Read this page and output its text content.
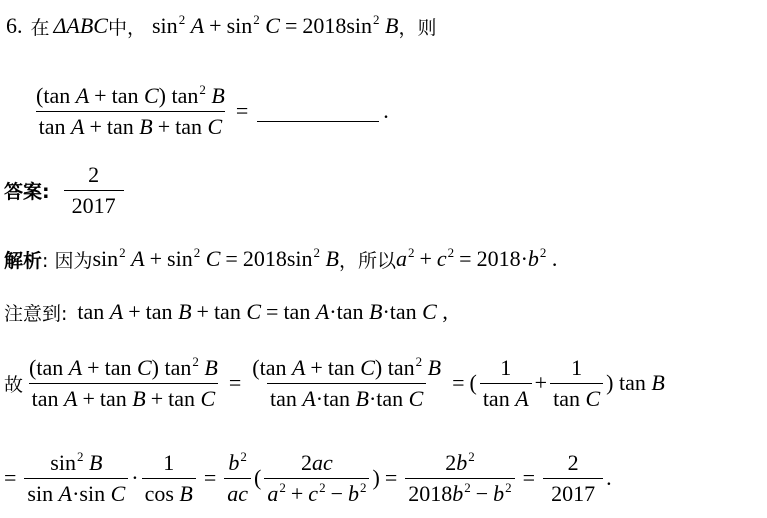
6. 在 ΔABC 中， $\sin^2 A + \sin^2 C = 2018\sin^2$ B ，则
$\frac{(\tan A + \tan C) \tan^2 B}{\text{tan A + tan B + tan C}}$ =	.
答案: $\frac{2}{2017}$
解析 : 因为 $\sin^2 A + \sin^2 C = 2018\sin^2$ B ，所以 $a^2 + c^2 = 2018\cdot b^2$ .
注意到: tan A + tan B + tan C = tan A·tan B·tan C ,
故 $\frac{(\tan A + \tan C) \tan^2 B}{\text{tan A + tan B + tan C}} = \frac{(\tan A + \tan C) \tan^2 B}{\text{tan A·tan B·tan C}}$ = ( $\frac{1}{\text{tan A}} + \frac{1}{\text{tan C}}$ ) tan B
= $\frac{\sin^2 B}{\text{sin A·sin C}} \cdot \frac{1}{\text{cos B}} = \frac{b^2}{ac}$ ( $\frac{2ac}{a^2 + c^2 - b^2}$ ) = $\frac{2b^2}{2018b^2 - b^2} = \frac{2}{2017}$ .
